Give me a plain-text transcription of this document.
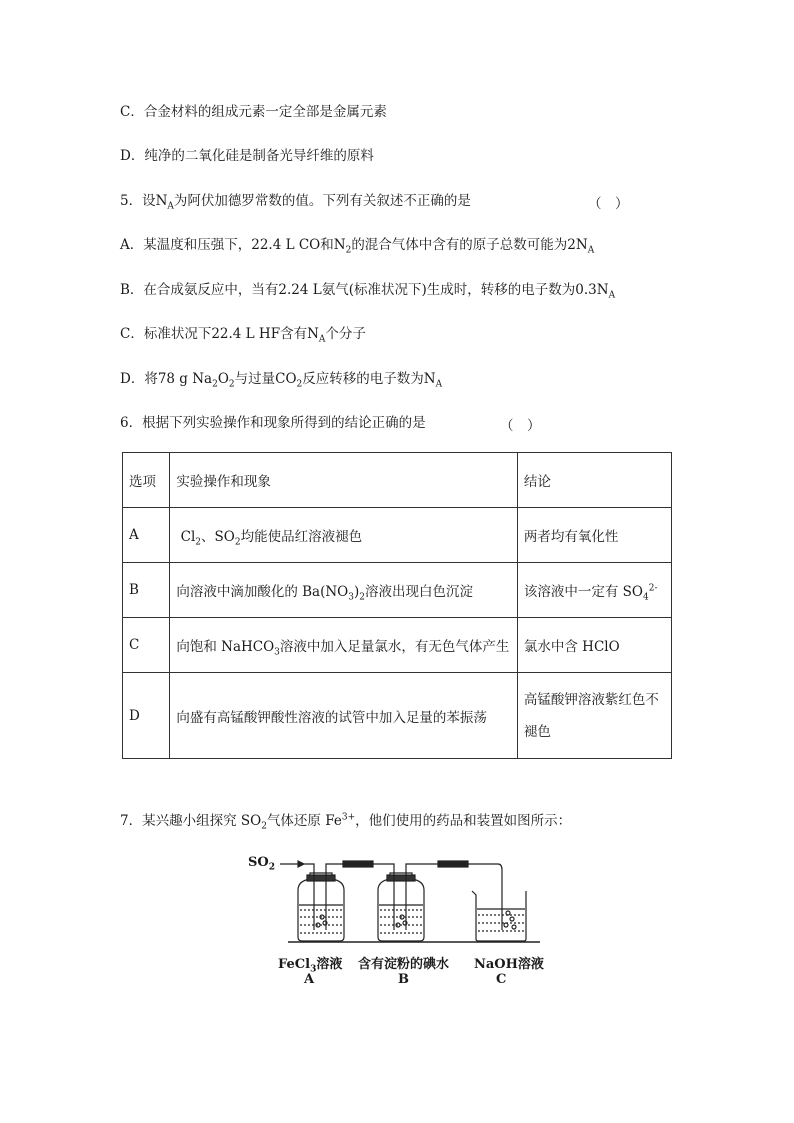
C．合金材料的组成元素一定全部是金属元素
D．纯净的二氧化硅是制备光导纤维的原料
5．设$N_A$为阿伏加德罗常数的值。下列有关叙述不正确的是	（　）
A．某温度和压强下，22.4 L CO和$N_2$的混合气体中含有的原子总数可能为$2N_A$
B．在合成氨反应中，当有2.24 L氨气(标准状况下)生成时，转移的电子数为$0.3N_A$
C．标准状况下22.4 L HF含有$N_A$个分子
D．将78 g $Na_2O_2$与过量$CO_2$反应转移的电子数为$N_A$
6．根据下列实验操作和现象所得到的结论正确的是	（　）
选项	实验操作和现象	结论
A	$Cl_2$、$SO_2$均能使品红溶液褪色	两者均有氧化性
B	向溶液中滴加酸化的 $Ba(NO_3)_2$溶液出现白色沉淀	该溶液中一定有 $SO_4^{2-}$
C	向饱和 NaHCO$_3$溶液中加入足量氯水，有无色气体产生	氯水中含 HClO
D	向盛有高锰酸钾酸性溶液的试管中加入足量的苯振荡	高锰酸钾溶液紫红色不褪色
7．某兴趣小组探究 $SO_2$气体还原 $Fe^{3+}$，他们使用的药品和装置如图所示：
$SO_2$
FeCl$_3$溶液 含有淀粉的碘水 NaOH溶液
A	B	C
